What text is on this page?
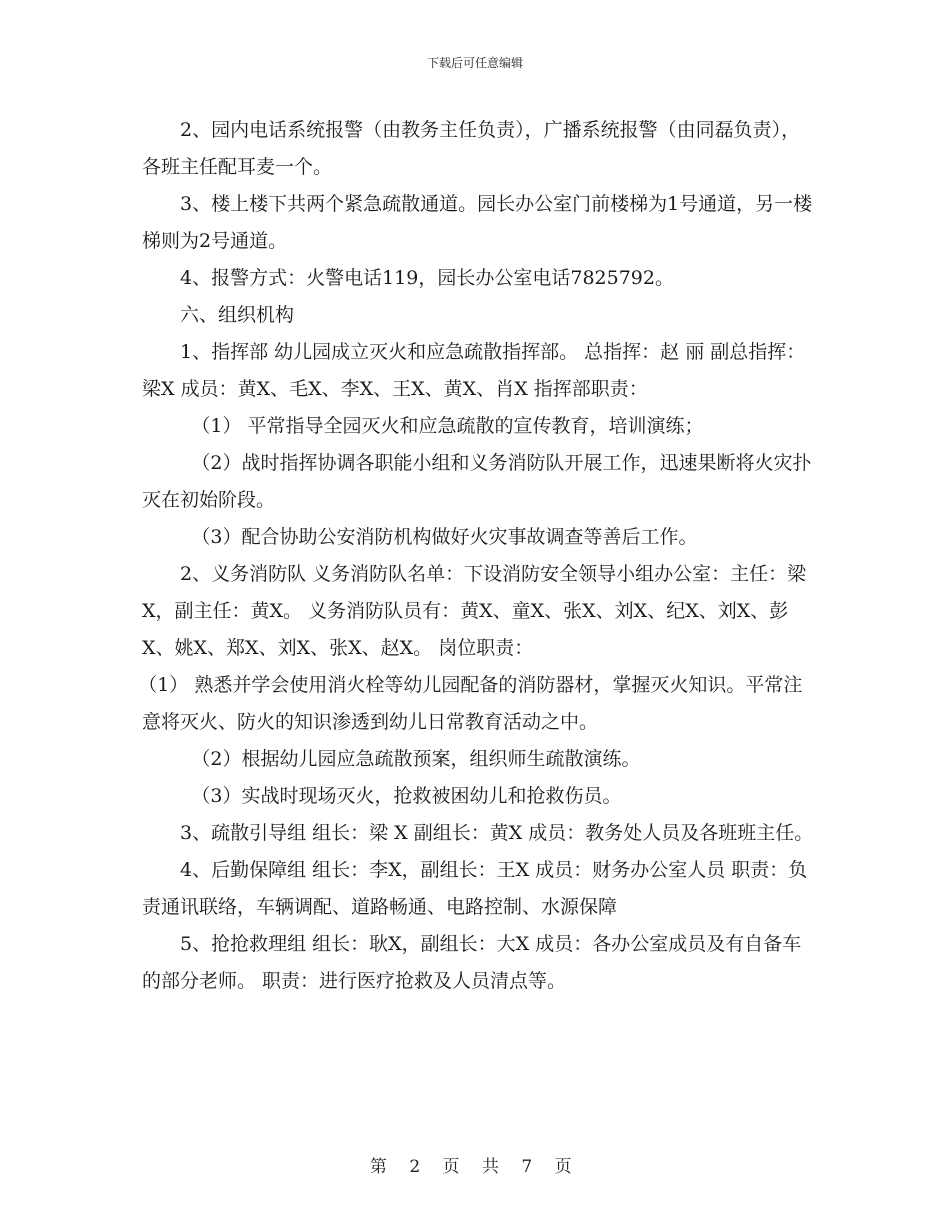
下载后可任意编辑

2、园内电话系统报警（由教务主任负责），广播系统报警（由同磊负责），各班主任配耳麦一个。

3、楼上楼下共两个紧急疏散通道。园长办公室门前楼梯为1号通道，另一楼梯则为2号通道。

4、报警方式：火警电话119，园长办公室电话7825792。

六、组织机构

1、指挥部 幼儿园成立灭火和应急疏散指挥部。 总指挥：赵 丽 副总指挥：梁X 成员：黄X、毛X、李X、王X、黄X、肖X 指挥部职责：

（1） 平常指导全园灭火和应急疏散的宣传教育，培训演练；

（2）战时指挥协调各职能小组和义务消防队开展工作，迅速果断将火灾扑灭在初始阶段。

（3）配合协助公安消防机构做好火灾事故调查等善后工作。

2、义务消防队 义务消防队名单：下设消防安全领导小组办公室：主任：梁X，副主任：黄X。 义务消防队员有：黄X、童X、张X、刘X、纪X、刘X、彭 X、姚X、郑X、刘X、张X、赵X。 岗位职责：

（1） 熟悉并学会使用消火栓等幼儿园配备的消防器材，掌握灭火知识。平常注意将灭火、防火的知识渗透到幼儿日常教育活动之中。

（2）根据幼儿园应急疏散预案，组织师生疏散演练。

（3）实战时现场灭火，抢救被困幼儿和抢救伤员。

3、疏散引导组 组长：梁 X 副组长：黄X 成员：教务处人员及各班班主任。

4、后勤保障组 组长：李X，副组长：王X 成员：财务办公室人员 职责：负责通讯联络，车辆调配、道路畅通、电路控制、水源保障

5、抢抢救理组 组长：耿X，副组长：大X 成员：各办公室成员及有自备车的部分老师。 职责：进行医疗抢救及人员清点等。

第 2 页 共 7 页
